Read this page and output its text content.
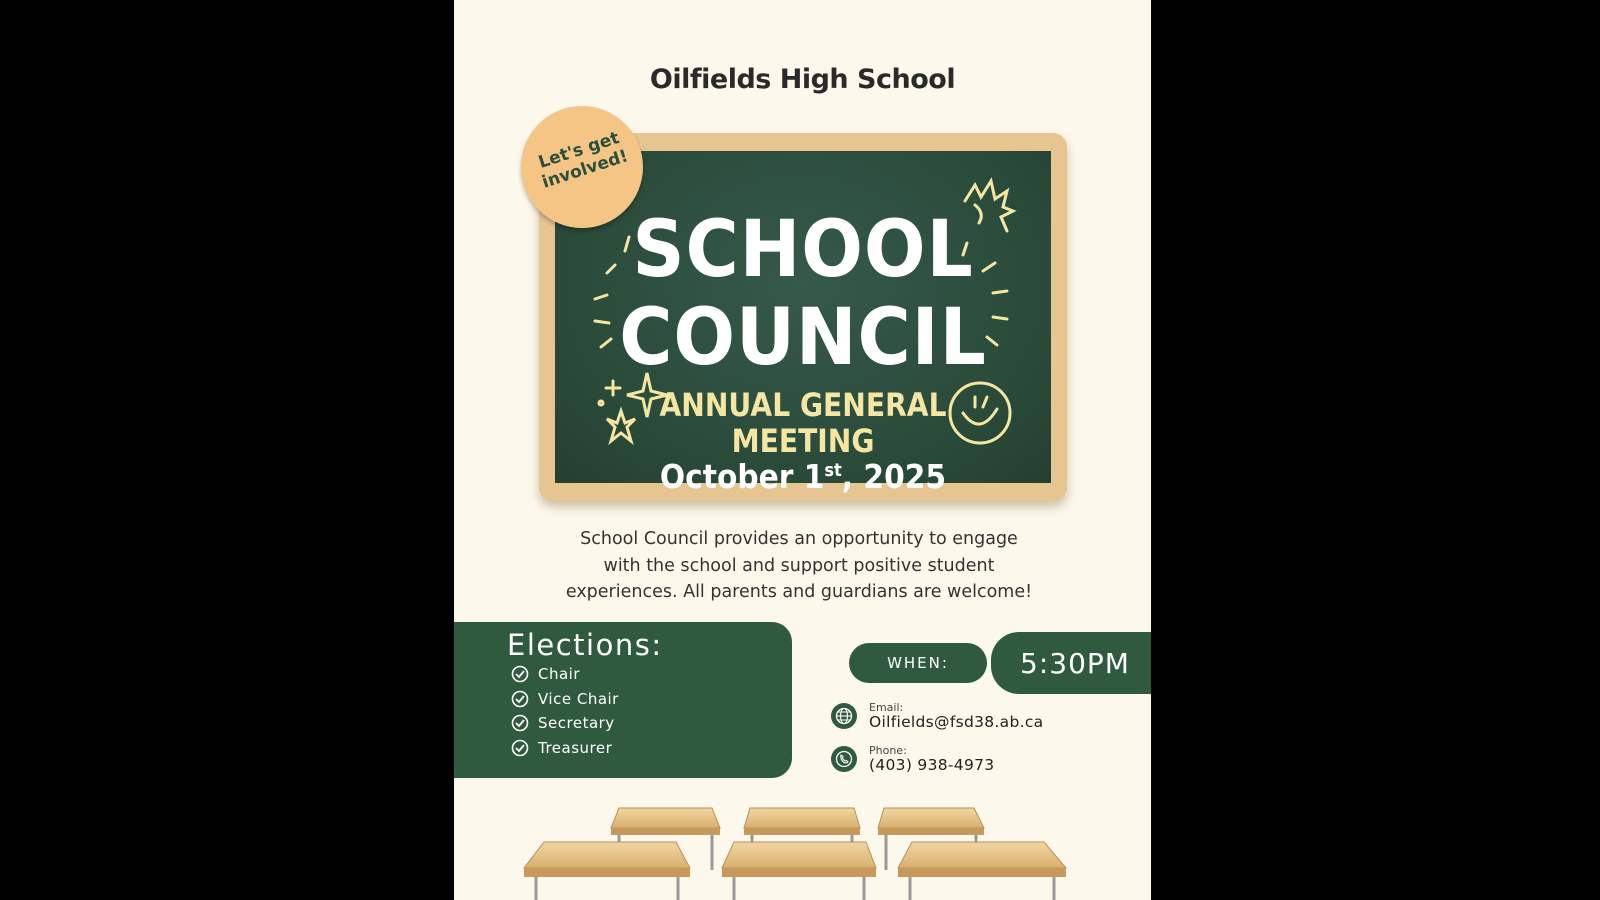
Oilfields High School
SCHOOL
COUNCIL
ANNUAL GENERAL
MEETING
October 1st, 2025
Let's get involved!
School Council provides an opportunity to engage
with the school and support positive student
experiences. All parents and guardians are welcome!
Elections:
Chair
Vice Chair
Secretary
Treasurer
WHEN:	5:30PM
Email:
Oilfields@fsd38.ab.ca
Phone:
(403) 938-4973
